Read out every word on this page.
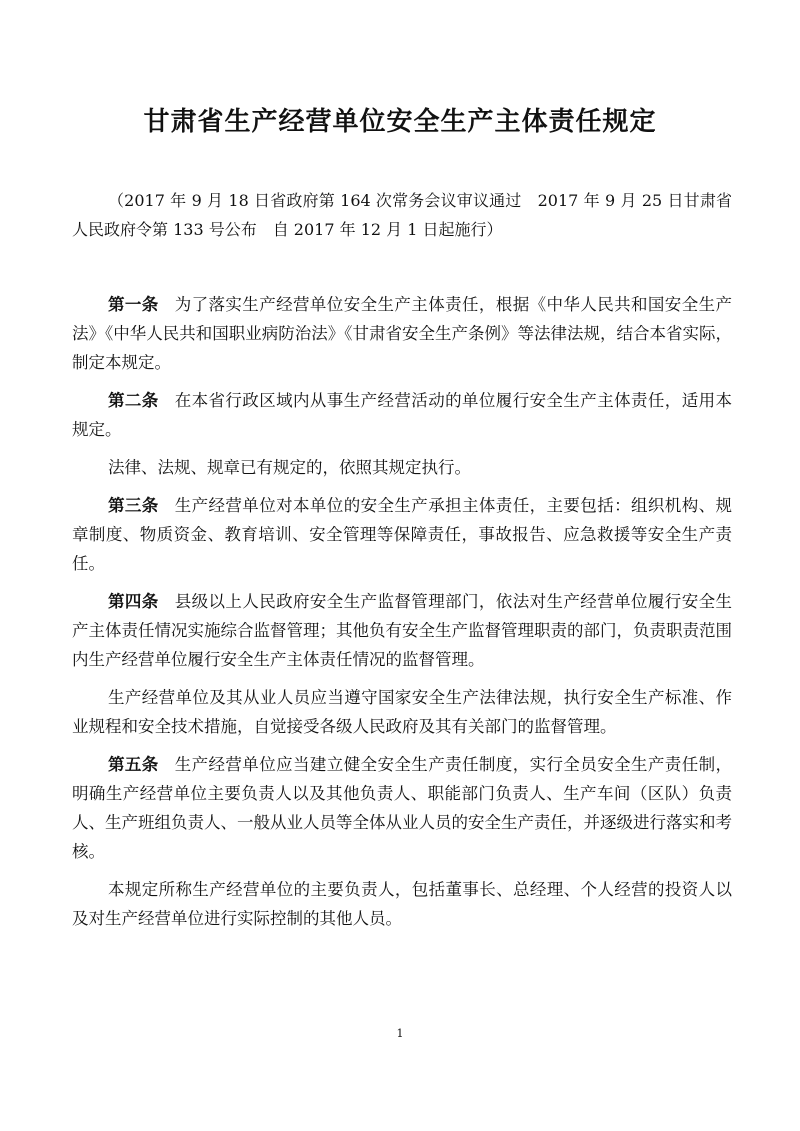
甘肃省生产经营单位安全生产主体责任规定
（2017 年 9 月 18 日省政府第 164 次常务会议审议通过　2017 年 9 月 25 日甘肃省人民政府令第 133 号公布　自 2017 年 12 月 1 日起施行）

第一条 为了落实生产经营单位安全生产主体责任，根据《中华人民共和国安全生产法》《中华人民共和国职业病防治法》《甘肃省安全生产条例》等法律法规，结合本省实际，制定本规定。

第二条 在本省行政区域内从事生产经营活动的单位履行安全生产主体责任，适用本规定。

法律、法规、规章已有规定的，依照其规定执行。

第三条 生产经营单位对本单位的安全生产承担主体责任，主要包括：组织机构、规章制度、物质资金、教育培训、安全管理等保障责任，事故报告、应急救援等安全生产责任。

第四条 县级以上人民政府安全生产监督管理部门，依法对生产经营单位履行安全生产主体责任情况实施综合监督管理；其他负有安全生产监督管理职责的部门，负责职责范围内生产经营单位履行安全生产主体责任情况的监督管理。

生产经营单位及其从业人员应当遵守国家安全生产法律法规，执行安全生产标准、作业规程和安全技术措施，自觉接受各级人民政府及其有关部门的监督管理。

第五条 生产经营单位应当建立健全安全生产责任制度，实行全员安全生产责任制，明确生产经营单位主要负责人以及其他负责人、职能部门负责人、生产车间（区队）负责人、生产班组负责人、一般从业人员等全体从业人员的安全生产责任，并逐级进行落实和考核。

本规定所称生产经营单位的主要负责人，包括董事长、总经理、个人经营的投资人以及对生产经营单位进行实际控制的其他人员。

1
